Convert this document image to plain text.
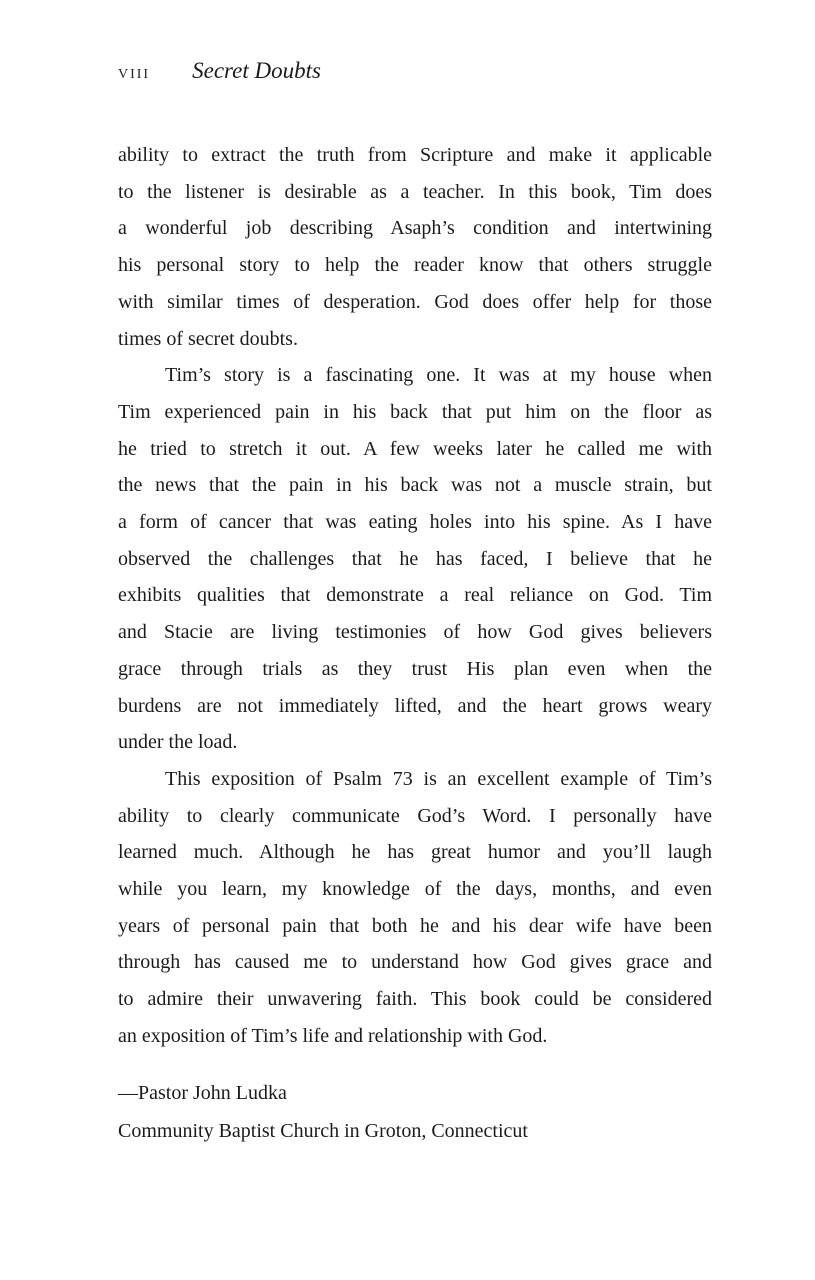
viii Secret Doubts
ability to extract the truth from Scripture and make it applicable
to the listener is desirable as a teacher. In this book, Tim does
a wonderful job describing Asaph’s condition and intertwining
his personal story to help the reader know that others struggle
with similar times of desperation. God does offer help for those
times of secret doubts.
Tim’s story is a fascinating one. It was at my house when
Tim experienced pain in his back that put him on the floor as
he tried to stretch it out. A few weeks later he called me with
the news that the pain in his back was not a muscle strain, but
a form of cancer that was eating holes into his spine. As I have
observed the challenges that he has faced, I believe that he
exhibits qualities that demonstrate a real reliance on God. Tim
and Stacie are living testimonies of how God gives believers
grace through trials as they trust His plan even when the
burdens are not immediately lifted, and the heart grows weary
under the load.
This exposition of Psalm 73 is an excellent example of Tim’s
ability to clearly communicate God’s Word. I personally have
learned much. Although he has great humor and you’ll laugh
while you learn, my knowledge of the days, months, and even
years of personal pain that both he and his dear wife have been
through has caused me to understand how God gives grace and
to admire their unwavering faith. This book could be considered
an exposition of Tim’s life and relationship with God.
—Pastor John Ludka
Community Baptist Church in Groton, Connecticut
